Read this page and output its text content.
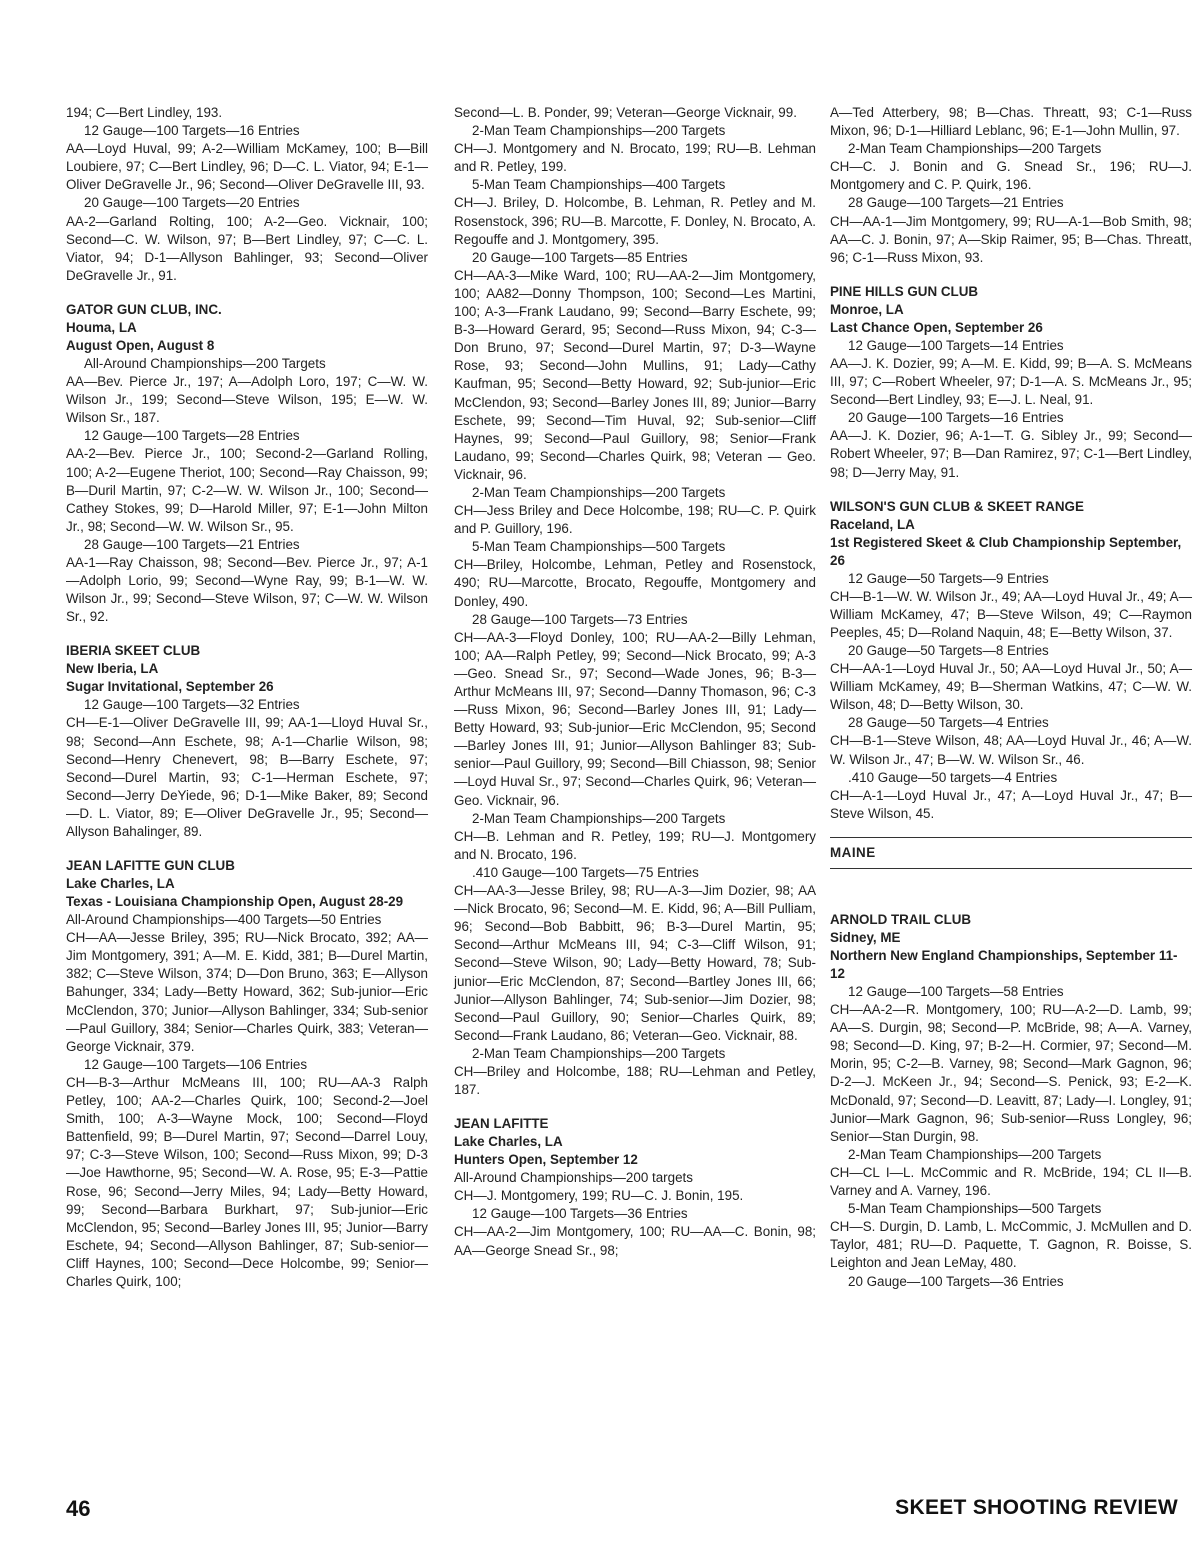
194; C—Bert Lindley, 193.
12 Gauge—100 Targets—16 Entries
AA—Loyd Huval, 99; A-2—William McKamey, 100; B—Bill Loubiere, 97; C—Bert Lindley, 96; D—C. L. Viator, 94; E-1—Oliver DeGravelle Jr., 96; Second—Oliver DeGravelle III, 93.
20 Gauge—100 Targets—20 Entries
AA-2—Garland Rolting, 100; A-2—Geo. Vicknair, 100; Second—C. W. Wilson, 97; B—Bert Lindley, 97; C—C. L. Viator, 94; D-1—Allyson Bahlinger, 93; Second—Oliver DeGravelle Jr., 91.
GATOR GUN CLUB, INC.
Houma, LA
August Open, August 8
All-Around Championships—200 Targets
AA—Bev. Pierce Jr., 197; A—Adolph Loro, 197; C—W. W. Wilson Jr., 199; Second—Steve Wilson, 195; E—W. W. Wilson Sr., 187.
12 Gauge—100 Targets—28 Entries
AA-2—Bev. Pierce Jr., 100; Second-2—Garland Rolling, 100; A-2—Eugene Theriot, 100; Second—Ray Chaisson, 99; B—Duril Martin, 97; C-2—W. W. Wilson Jr., 100; Second—Cathey Stokes, 99; D—Harold Miller, 97; E-1—John Milton Jr., 98; Second—W. W. Wilson Sr., 95.
28 Gauge—100 Targets—21 Entries
AA-1—Ray Chaisson, 98; Second—Bev. Pierce Jr., 97; A-1—Adolph Lorio, 99; Second—Wyne Ray, 99; B-1—W. W. Wilson Jr., 99; Second—Steve Wilson, 97; C—W. W. Wilson Sr., 92.
IBERIA SKEET CLUB
New Iberia, LA
Sugar Invitational, September 26
12 Gauge—100 Targets—32 Entries
CH—E-1—Oliver DeGravelle III, 99; AA-1—Lloyd Huval Sr., 98; Second—Ann Eschete, 98; A-1—Charlie Wilson, 98; Second—Henry Chenevert, 98; B—Barry Eschete, 97; Second—Durel Martin, 93; C-1—Herman Eschete, 97; Second—Jerry DeYiede, 96; D-1—Mike Baker, 89; Second—D. L. Viator, 89; E—Oliver DeGravelle Jr., 95; Second—Allyson Bahalinger, 89.
JEAN LAFITTE GUN CLUB
Lake Charles, LA
Texas - Louisiana Championship Open, August 28-29
All-Around Championships—400 Targets—50 Entries
CH—AA—Jesse Briley, 395; RU—Nick Brocato, 392; AA—Jim Montgomery, 391; A—M. E. Kidd, 381; B—Durel Martin, 382; C—Steve Wilson, 374; D—Don Bruno, 363; E—Allyson Bahunger, 334; Lady—Betty Howard, 362; Sub-junior—Eric McClendon, 370; Junior—Allyson Bahlinger, 334; Sub-senior—Paul Guillory, 384; Senior—Charles Quirk, 383; Veteran—George Vicknair, 379.
12 Gauge—100 Targets—106 Entries
CH—B-3—Arthur McMeans III, 100; RU—AA-3 Ralph Petley, 100; AA-2—Charles Quirk, 100; Second-2—Joel Smith, 100; A-3—Wayne Mock, 100; Second—Floyd Battenfield, 99; B—Durel Martin, 97; Second—Darrel Louy, 97; C-3—Steve Wilson, 100; Second—Russ Mixon, 99; D-3—Joe Hawthorne, 95; Second—W. A. Rose, 95; E-3—Pattie Rose, 96; Second—Jerry Miles, 94; Lady—Betty Howard, 99; Second—Barbara Burkhart, 97; Sub-junior—Eric McClendon, 95; Second—Barley Jones III, 95; Junior—Barry Eschete, 94; Second—Allyson Bahlinger, 87; Sub-senior—Cliff Haynes, 100; Second—Dece Holcombe, 99; Senior—Charles Quirk, 100;
Second—L. B. Ponder, 99; Veteran—George Vicknair, 99.
2-Man Team Championships—200 Targets
CH—J. Montgomery and N. Brocato, 199; RU—B. Lehman and R. Petley, 199.
5-Man Team Championships—400 Targets
CH—J. Briley, D. Holcombe, B. Lehman, R. Petley and M. Rosenstock, 396; RU—B. Marcotte, F. Donley, N. Brocato, A. Regouffe and J. Montgomery, 395.
20 Gauge—100 Targets—85 Entries
CH—AA-3—Mike Ward, 100; RU—AA-2—Jim Montgomery, 100; AA82—Donny Thompson, 100; Second—Les Martini, 100; A-3—Frank Laudano, 99; Second—Barry Eschete, 99; B-3—Howard Gerard, 95; Second—Russ Mixon, 94; C-3—Don Bruno, 97; Second—Durel Martin, 97; D-3—Wayne Rose, 93; Second—John Mullins, 91; Lady—Cathy Kaufman, 95; Second—Betty Howard, 92; Sub-junior—Eric McClendon, 93; Second—Barley Jones III, 89; Junior—Barry Eschete, 99; Second—Tim Huval, 92; Sub-senior—Cliff Haynes, 99; Second—Paul Guillory, 98; Senior—Frank Laudano, 99; Second—Charles Quirk, 98; Veteran — Geo. Vicknair, 96.
2-Man Team Championships—200 Targets
CH—Jess Briley and Dece Holcombe, 198; RU—C. P. Quirk and P. Guillory, 196.
5-Man Team Championships—500 Targets
CH—Briley, Holcombe, Lehman, Petley and Rosenstock, 490; RU—Marcotte, Brocato, Regouffe, Montgomery and Donley, 490.
28 Gauge—100 Targets—73 Entries
CH—AA-3—Floyd Donley, 100; RU—AA-2—Billy Lehman, 100; AA—Ralph Petley, 99; Second—Nick Brocato, 99; A-3—Geo. Snead Sr., 97; Second—Wade Jones, 96; B-3—Arthur McMeans III, 97; Second—Danny Thomason, 96; C-3—Russ Mixon, 96; Second—Barley Jones III, 91; Lady—Betty Howard, 93; Sub-junior—Eric McClendon, 95; Second—Barley Jones III, 91; Junior—Allyson Bahlinger 83; Sub-senior—Paul Guillory, 99; Second—Bill Chiasson, 98; Senior—Loyd Huval Sr., 97; Second—Charles Quirk, 96; Veteran—Geo. Vicknair, 96.
2-Man Team Championships—200 Targets
CH—B. Lehman and R. Petley, 199; RU—J. Montgomery and N. Brocato, 196.
.410 Gauge—100 Targets—75 Entries
CH—AA-3—Jesse Briley, 98; RU—A-3—Jim Dozier, 98; AA—Nick Brocato, 96; Second—M. E. Kidd, 96; A—Bill Pulliam, 96; Second—Bob Babbitt, 96; B-3—Durel Martin, 95; Second—Arthur McMeans III, 94; C-3—Cliff Wilson, 91; Second—Steve Wilson, 90; Lady—Betty Howard, 78; Sub-junior—Eric McClendon, 87; Second—Bartley Jones III, 66; Junior—Allyson Bahlinger, 74; Sub-senior—Jim Dozier, 98; Second—Paul Guillory, 90; Senior—Charles Quirk, 89; Second—Frank Laudano, 86; Veteran—Geo. Vicknair, 88.
2-Man Team Championships—200 Targets
CH—Briley and Holcombe, 188; RU—Lehman and Petley, 187.
JEAN LAFITTE
Lake Charles, LA
Hunters Open, September 12
All-Around Championships—200 targets
CH—J. Montgomery, 199; RU—C. J. Bonin, 195.
12 Gauge—100 Targets—36 Entries
CH—AA-2—Jim Montgomery, 100; RU—AA—C. Bonin, 98; AA—George Snead Sr., 98;
A—Ted Atterbery, 98; B—Chas. Threatt, 93; C-1—Russ Mixon, 96; D-1—Hilliard Leblanc, 96; E-1—John Mullin, 97.
2-Man Team Championships—200 Targets
CH—C. J. Bonin and G. Snead Sr., 196; RU—J. Montgomery and C. P. Quirk, 196.
28 Gauge—100 Targets—21 Entries
CH—AA-1—Jim Montgomery, 99; RU—A-1—Bob Smith, 98; AA—C. J. Bonin, 97; A—Skip Raimer, 95; B—Chas. Threatt, 96; C-1—Russ Mixon, 93.
PINE HILLS GUN CLUB
Monroe, LA
Last Chance Open, September 26
12 Gauge—100 Targets—14 Entries
AA—J. K. Dozier, 99; A—M. E. Kidd, 99; B—A. S. McMeans III, 97; C—Robert Wheeler, 97; D-1—A. S. McMeans Jr., 95; Second—Bert Lindley, 93; E—J. L. Neal, 91.
20 Gauge—100 Targets—16 Entries
AA—J. K. Dozier, 96; A-1—T. G. Sibley Jr., 99; Second—Robert Wheeler, 97; B—Dan Ramirez, 97; C-1—Bert Lindley, 98; D—Jerry May, 91.
WILSON'S GUN CLUB & SKEET RANGE
Raceland, LA
1st Registered Skeet & Club Championship September, 26
12 Gauge—50 Targets—9 Entries
CH—B-1—W. W. Wilson Jr., 49; AA—Loyd Huval Jr., 49; A—William McKamey, 47; B—Steve Wilson, 49; C—Raymon Peeples, 45; D—Roland Naquin, 48; E—Betty Wilson, 37.
20 Gauge—50 Targets—8 Entries
CH—AA-1—Loyd Huval Jr., 50; AA—Loyd Huval Jr., 50; A—William McKamey, 49; B—Sherman Watkins, 47; C—W. W. Wilson, 48; D—Betty Wilson, 30.
28 Gauge—50 Targets—4 Entries
CH—B-1—Steve Wilson, 48; AA—Loyd Huval Jr., 46; A—W. W. Wilson Jr., 47; B—W. W. Wilson Sr., 46.
.410 Gauge—50 targets—4 Entries
CH—A-1—Loyd Huval Jr., 47; A—Loyd Huval Jr., 47; B—Steve Wilson, 45.
MAINE
ARNOLD TRAIL CLUB
Sidney, ME
Northern New England Championships, September 11-12
12 Gauge—100 Targets—58 Entries
CH—AA-2—R. Montgomery, 100; RU—A-2—D. Lamb, 99; AA—S. Durgin, 98; Second—P. McBride, 98; A—A. Varney, 98; Second—D. King, 97; B-2—H. Cormier, 97; Second—M. Morin, 95; C-2—B. Varney, 98; Second—Mark Gagnon, 96; D-2—J. McKeen Jr., 94; Second—S. Penick, 93; E-2—K. McDonald, 97; Second—D. Leavitt, 87; Lady—I. Longley, 91; Junior—Mark Gagnon, 96; Sub-senior—Russ Longley, 96; Senior—Stan Durgin, 98.
2-Man Team Championships—200 Targets
CH—CL I—L. McCommic and R. McBride, 194; CL II—B. Varney and A. Varney, 196.
5-Man Team Championships—500 Targets
CH—S. Durgin, D. Lamb, L. McCommic, J. McMullen and D. Taylor, 481; RU—D. Paquette, T. Gagnon, R. Boisse, S. Leighton and Jean LeMay, 480.
20 Gauge—100 Targets—36 Entries
46	SKEET SHOOTING REVIEW
